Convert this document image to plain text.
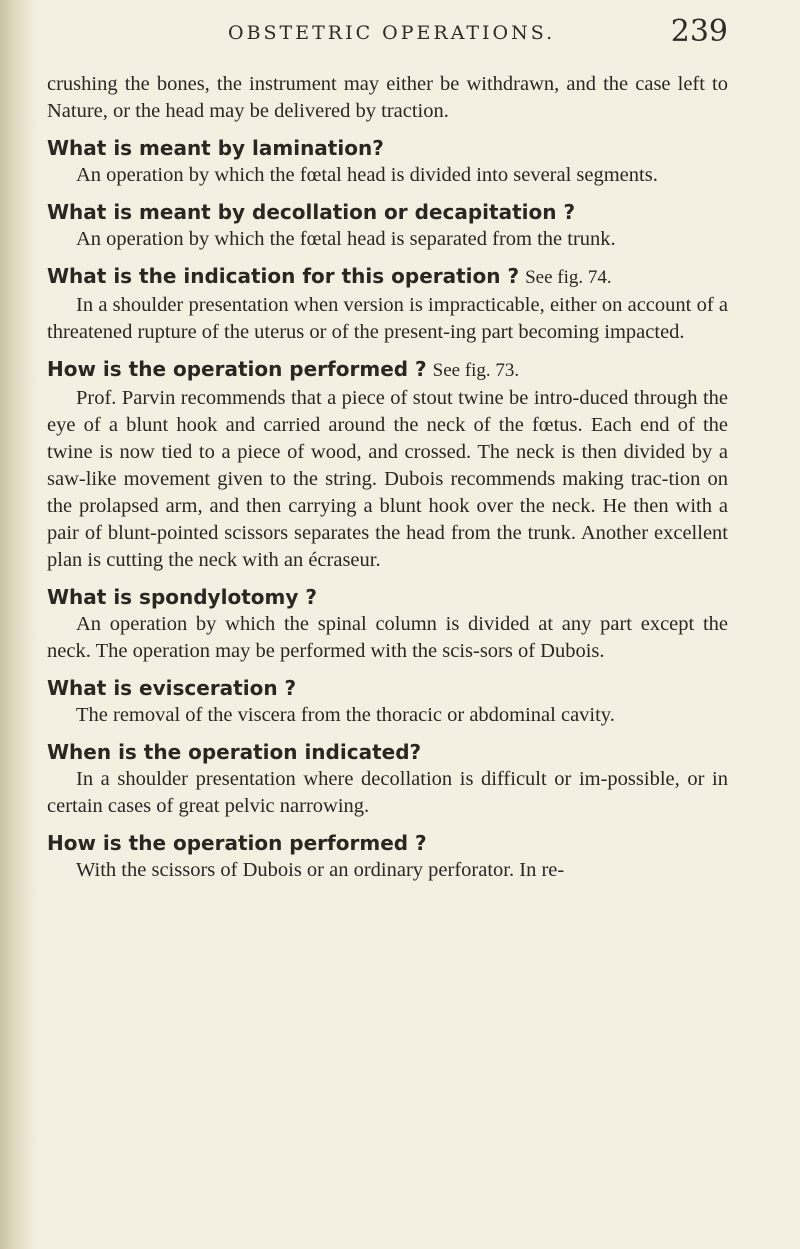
OBSTETRIC OPERATIONS.	239

crushing the bones, the instrument may either be withdrawn, and the case left to Nature, or the head may be delivered by traction.

What is meant by lamination?

An operation by which the fœtal head is divided into several segments.

What is meant by decollation or decapitation ?

An operation by which the fœtal head is separated from the trunk.

What is the indication for this operation ? See fig. 74.

In a shoulder presentation when version is impracticable, either on account of a threatened rupture of the uterus or of the present-ing part becoming impacted.

How is the operation performed ? See fig. 73.

Prof. Parvin recommends that a piece of stout twine be intro-duced through the eye of a blunt hook and carried around the neck of the fœtus. Each end of the twine is now tied to a piece of wood, and crossed. The neck is then divided by a saw-like movement given to the string. Dubois recommends making trac-tion on the prolapsed arm, and then carrying a blunt hook over the neck. He then with a pair of blunt-pointed scissors separates the head from the trunk. Another excellent plan is cutting the neck with an écraseur.

What is spondylotomy ?

An operation by which the spinal column is divided at any part except the neck. The operation may be performed with the scis-sors of Dubois.

What is evisceration ?

The removal of the viscera from the thoracic or abdominal cavity.

When is the operation indicated?

In a shoulder presentation where decollation is difficult or im-possible, or in certain cases of great pelvic narrowing.

How is the operation performed ?

With the scissors of Dubois or an ordinary perforator. In re-
